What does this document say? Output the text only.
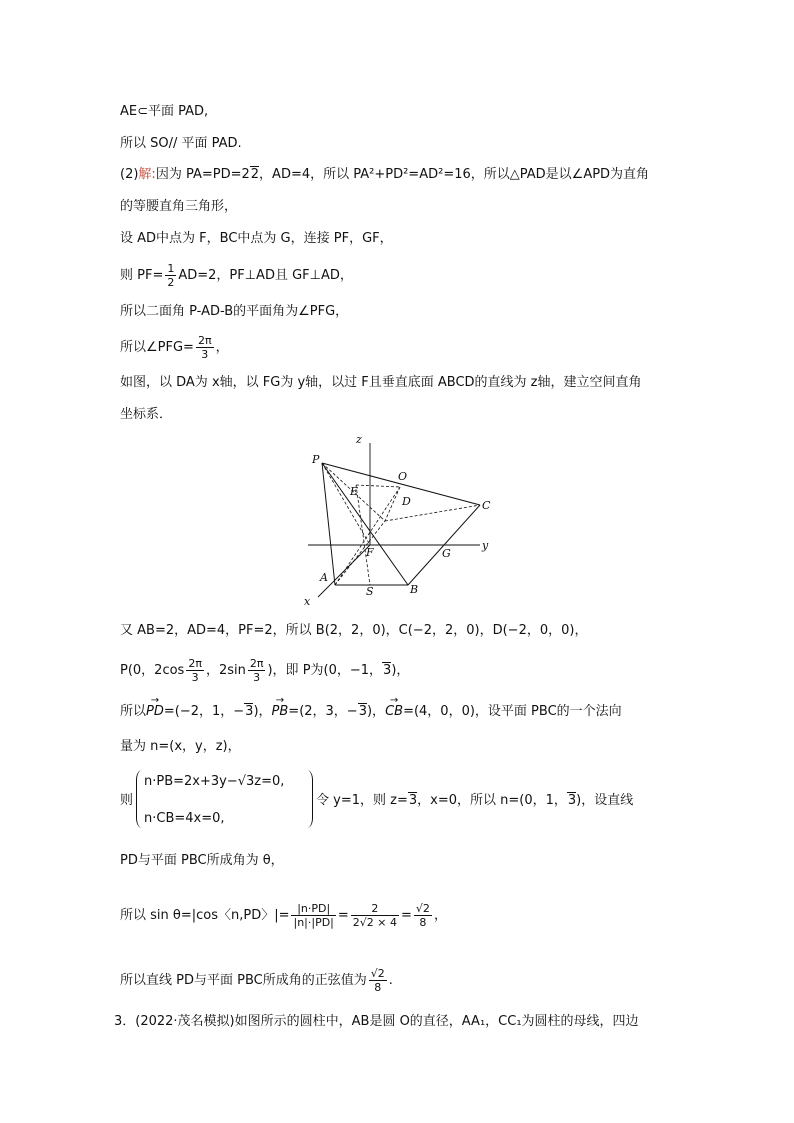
AE⊂平面 PAD,
所以 SO// 平面 PAD.
(2)解:因为 PA=PD=22，AD=4，所以 PA²+PD²=AD²=16，所以△PAD是以∠APD为直角
的等腰直角三角形，
设 AD中点为 F，BC中点为 G，连接 PF，GF，
则 $PF= \frac{1}{2} AD=2$，PF⊥AD且 GF⊥AD，
所以二面角 P-AD-B的平面角为∠PFG，
所以∠PFG= $\frac{2\pi}{3}$ ，
如图，以 DA为 x轴，以 FG为 y轴，以过 F且垂直底面 ABCD的直线为 z轴，建立空间直角
坐标系．
z
P
O
E
D	C
F
y
G
A
S	B
x
又 AB=2，AD=4，PF=2，所以 B(2，2，0)，C(−2，2，0)，D(−2，0，0)，
P(0，$2\cos \frac{2\pi}{3}$ ，$2\sin \frac{2\pi}{3}$ )，即 P为(0，−1，3)，
所以→ PD=(−2，1，−3)，→ PB=(2，3，−3)，→ CB=(4，0，0)，设平面 PBC的一个法向
量为 n=(x，y，z)，
则
n·PB=2x+3y−√3z=0,
n·CB=4x=0,
令 y=1，则 z=3，x=0，所以 n=(0，1，3)，设直线
PD与平面 PBC所成角为 θ，
所以 sin θ=|cos〈n,PD〉|= $\frac{|n\cdot PD|}{|n|\cdot|PD|} = \frac{2}{2√2 \times 4} = \frac{√2}{8}$ ，
所以直线 PD与平面 PBC所成角的正弦值为 $\frac{√2}{8}$ .
3．(2022·茂名模拟)如图所示的圆柱中，AB是圆 O的直径，AA₁，CC₁为圆柱的母线，四边
